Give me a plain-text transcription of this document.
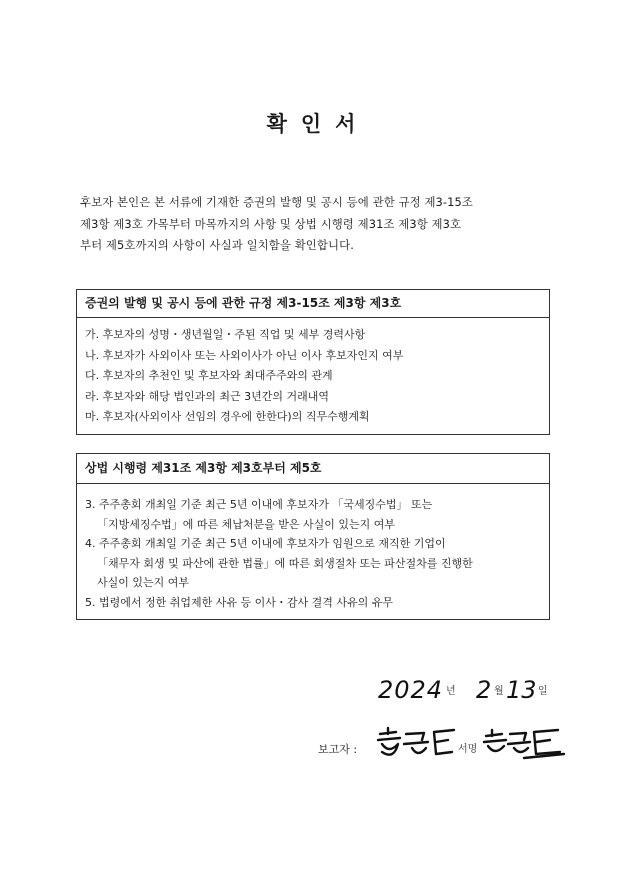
확인서
후보자 본인은 본 서류에 기재한 증권의 발행 및 공시 등에 관한 규정 제3-15조
제3항 제3호 가목부터 마목까지의 사항 및 상법 시행령 제31조 제3항 제3호
부터 제5호까지의 사항이 사실과 일치함을 확인합니다.
증권의 발행 및 공시 등에 관한 규정 제3-15조 제3항 제3호
가. 후보자의 성명・생년월일・주된 직업 및 세부 경력사항
나. 후보자가 사외이사 또는 사외이사가 아닌 이사 후보자인지 여부
다. 후보자의 추천인 및 후보자와 최대주주와의 관계
라. 후보자와 해당 법인과의 최근 3년간의 거래내역
마. 후보자(사외이사 선임의 경우에 한한다)의 직무수행계획
상법 시행령 제31조 제3항 제3호부터 제5호
3. 주주총회 개최일 기준 최근 5년 이내에 후보자가 「국세징수법」 또는
「지방세징수법」에 따른 체납처분을 받은 사실이 있는지 여부
4. 주주총회 개최일 기준 최근 5년 이내에 후보자가 임원으로 재직한 기업이
「채무자 회생 및 파산에 관한 법률」에 따른 회생절차 또는 파산절차를 진행한
사실이 있는지 여부
5. 법령에서 정한 취업제한 사유 등 이사・감사 결격 사유의 유무
2024 년 2 월 13 일
보고자 :	서명
